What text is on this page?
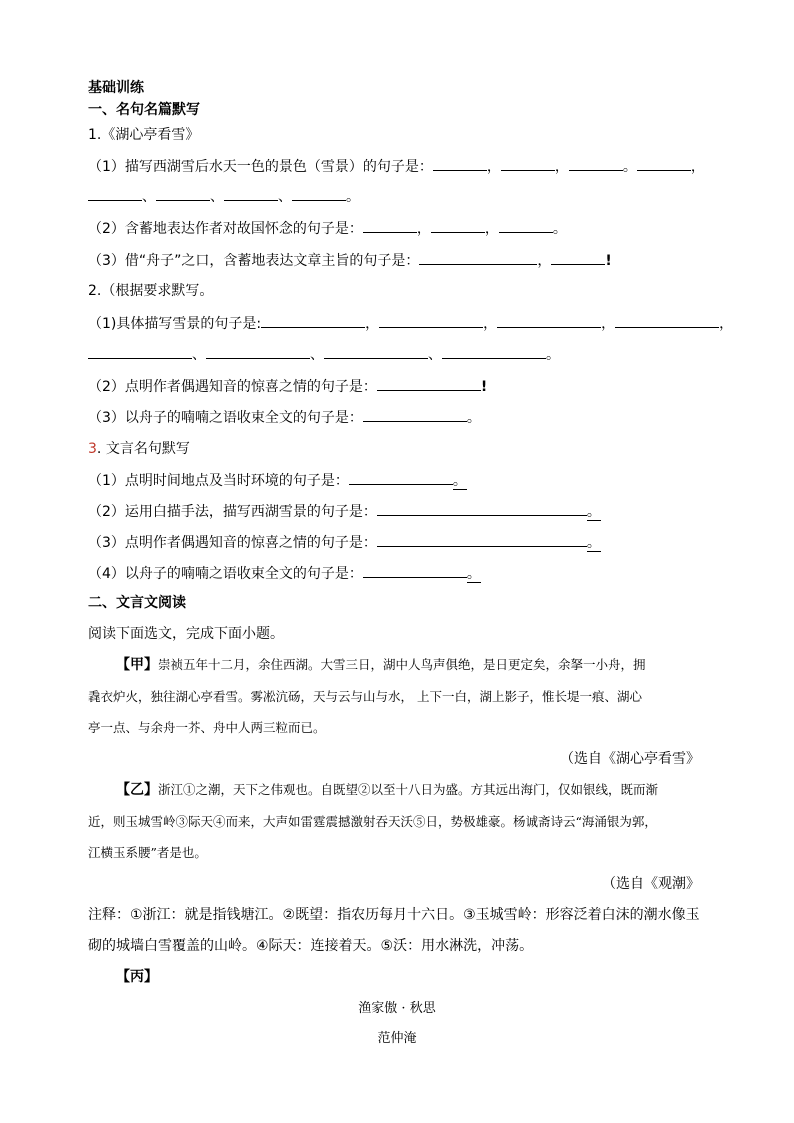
基础训练
一、名句名篇默写
1.《湖心亭看雪》
（1）描写西湖雪后水天一色的景色（雪景）的句子是：	，	，	。	，
、	、	、	。
（2）含蓄地表达作者对故国怀念的句子是：	，	，	。
（3）借“舟子”之口，含蓄地表达文章主旨的句子是：	，	!
2.（根据要求默写。
（1)具体描写雪景的句子是:	，	，	，	，
、	、	、	。
（2）点明作者偶遇知音的惊喜之情的句子是：	!
（3）以舟子的喃喃之语收束全文的句子是：	。
3. 文言名句默写
（1）点明时间地点及当时环境的句子是：	。
（2）运用白描手法，描写西湖雪景的句子是：	。
（3）点明作者偶遇知音的惊喜之情的句子是：	。
（4）以舟子的喃喃之语收束全文的句子是：	。
二、文言文阅读
阅读下面选文，完成下面小题。
【甲】崇祯五年十二月，余住西湖。大雪三日，湖中人鸟声俱绝，是日更定矣，余拏一小舟，拥
毳衣炉火，独往湖心亭看雪。雾凇沆砀，天与云与山与水， 上下一白，湖上影子，惟长堤一痕、湖心
亭一点、与余舟一芥、舟中人两三粒而已。
（选自《湖心亭看雪》
【乙】浙江①之潮，天下之伟观也。自既望②以至十八日为盛。方其远出海门，仅如银线，既而渐
近，则玉城雪岭③际天④而来，大声如雷霆震撼激射吞天沃⑤日，势极雄豪。杨诚斋诗云“海涌银为郭，
江横玉系腰”者是也。
（选自《观潮》
注释：①浙江：就是指钱塘江。②既望：指农历每月十六日。③玉城雪岭：形容泛着白沫的潮水像玉
砌的城墙白雪覆盖的山岭。④际天：连接着天。⑤沃：用水淋洗，冲荡。
【丙】
渔家傲 · 秋思
范仲淹
